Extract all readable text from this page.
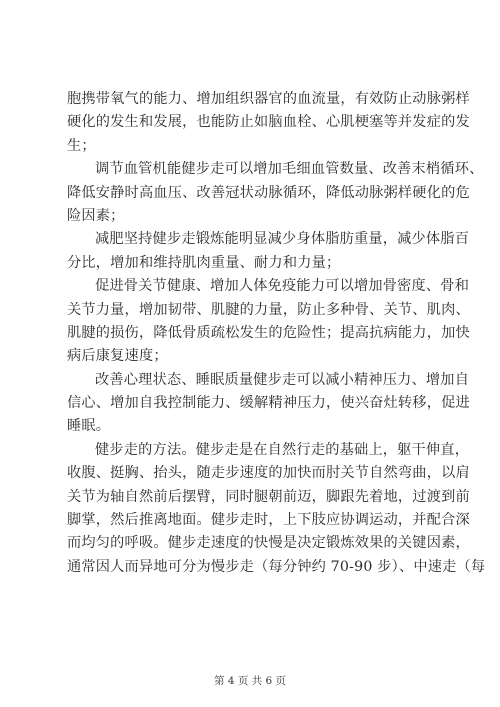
胞携带氧气的能力、增加组织器官的血流量，有效防止动脉粥样
硬化的发生和发展，也能防止如脑血栓、心肌梗塞等并发症的发
生；
调节血管机能健步走可以增加毛细血管数量、改善末梢循环、
降低安静时高血压、改善冠状动脉循环，降低动脉粥样硬化的危
险因素；
减肥坚持健步走锻炼能明显减少身体脂肪重量，减少体脂百
分比，增加和维持肌肉重量、耐力和力量；
促进骨关节健康、增加人体免疫能力可以增加骨密度、骨和
关节力量，增加韧带、肌腱的力量，防止多种骨、关节、肌肉、
肌腱的损伤，降低骨质疏松发生的危险性；提高抗病能力，加快
病后康复速度；
改善心理状态、睡眠质量健步走可以减小精神压力、增加自
信心、增加自我控制能力、缓解精神压力，使兴奋灶转移，促进
睡眠。
健步走的方法。健步走是在自然行走的基础上，躯干伸直，
收腹、挺胸、抬头，随走步速度的加快而肘关节自然弯曲，以肩
关节为轴自然前后摆臂，同时腿朝前迈，脚跟先着地，过渡到前
脚掌，然后推离地面。健步走时，上下肢应协调运动，并配合深
而均匀的呼吸。健步走速度的快慢是决定锻炼效果的关键因素，
通常因人而异地可分为慢步走（每分钟约 70-90 步）、中速走（每
第 4 页 共 6 页
